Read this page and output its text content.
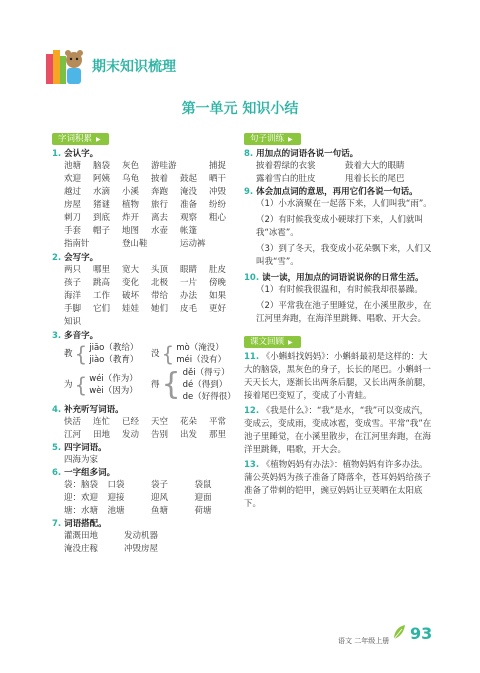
期末知识梳理
第一单元 知识小结
字词积累 ▶
1. 会认字。
池塘	脑袋	灰色	游哇游	捕捉
欢迎	阿姨	乌龟	披着	鼓起	晒干
越过	水滴	小溪	奔跑	淹没	冲毁
房屋	猪谜	植物	旅行	准备	纷纷
刺刀	到底	炸开	离去	观察	粗心
手套	帽子	地图	水壶	帐篷
指南针	登山鞋	运动裤
2. 会写字。
两只	哪里	宽大	头顶	眼睛	肚皮
孩子	跳高	变化	北极	一片	傍晚
海洋	工作	破坏	带给	办法	如果
手脚	它们	娃娃	她们	皮毛	更好
知识
3. 多音字。
教 { jiāo（教给）
jiào（教育）
没 { mò（淹没）
méi（没有）
为 { wéi（作为）
wèi（因为）
得 { děi（得亏）
dé（得到）
de（好得很）
4. 补充听写词语。
快活	连忙	已经	天空	花朵	平常
江河	田地	发动	告别	出发	那里
5. 四字词语。
四海为家
6. 一字组多词。
袋：脑袋	口袋	袋子	袋鼠
迎：欢迎	迎接	迎风	迎面
塘：水塘	池塘	鱼塘	荷塘
7. 词语搭配。
灌溉田地	发动机器
淹没庄稼	冲毁房屋
句子训练 ▶
8. 用加点的词语各说一句话。
披着碧绿的衣裳	鼓着大大的眼睛
露着雪白的肚皮	甩着长长的尾巴
9. 体会加点词的意思，再用它们各说一句话。
（1）小水滴聚在一起落下来，人们叫我“雨”。
（2）有时候我变成小硬球打下来，人们就叫我“冰雹”。
（3）到了冬天，我变成小花朵飘下来，人们又叫我“雪”。
10. 读一读，用加点的词语说说你的日常生活。
（1）有时候我很温和，有时候我却很暴躁。
（2）平常我在池子里睡觉，在小溪里散步，在江河里奔跑，在海洋里跳舞、唱歌、开大会。
课文回顾 ▶
11. 《小蝌蚪找妈妈》：小蝌蚪最初是这样的：大大的脑袋，黑灰色的身子，长长的尾巴。小蝌蚪一天天长大，逐渐长出两条后腿，又长出两条前腿，接着尾巴变短了，变成了小青蛙。
12. 《我是什么》：“我”是水，“我”可以变成汽，变成云，变成雨，变成冰雹，变成雪。平常“我”在池子里睡觉，在小溪里散步，在江河里奔跑，在海洋里跳舞，唱歌，开大会。
13. 《植物妈妈有办法》：植物妈妈有许多办法。蒲公英妈妈为孩子准备了降落伞，苍耳妈妈给孩子准备了带刺的铠甲，豌豆妈妈让豆荚晒在太阳底下。
语文 二年级上册 93
